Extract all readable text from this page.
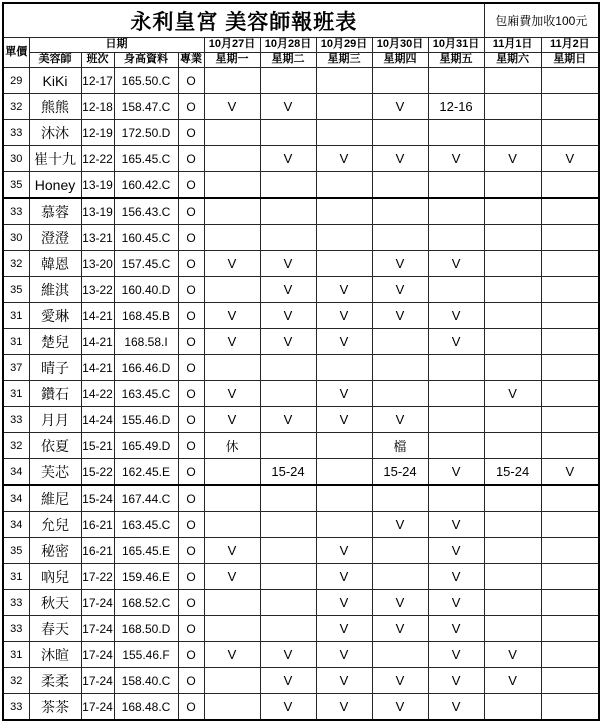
永利皇宮 美容師報班表										包廂費加收100元	
單價	日期				10月27日	10月28日	10月29日	10月30日	10月31日	11月1日	11月2日
	美容師	班次	身高資料	專業	星期一	星期二	星期三	星期四	星期五	星期六	星期日
29	KiKi	12-17	165.50.C	O							
32	熊熊	12-18	158.47.C	O	V	V		V	12-16		
33	沐沐	12-19	172.50.D	O							
30	崔十九	12-22	165.45.C	O		V	V	V	V	V	V
35	Honey	13-19	160.42.C	O							
33	慕蓉	13-19	156.43.C	O							
30	澄澄	13-21	160.45.C	O							
32	韓恩	13-20	157.45.C	O	V	V		V	V		
35	維淇	13-22	160.40.D	O		V	V	V			
31	愛琳	14-21	168.45.B	O	V	V	V	V	V		
31	楚兒	14-21	168.58.I	O	V	V	V		V		
37	晴子	14-21	166.46.D	O							
31	鑽石	14-22	163.45.C	O	V		V			V	
33	月月	14-24	155.46.D	O	V	V	V	V			
32	依夏	15-21	165.49.D	O	休			檔			
34	芙芯	15-22	162.45.E	O		15-24		15-24	V	15-24	V
34	維尼	15-24	167.44.C	O							
34	允兒	16-21	163.45.C	O				V	V		
35	秘密	16-21	165.45.E	O	V		V		V		
31	吶兒	17-22	159.46.E	O	V		V		V		
33	秋天	17-24	168.52.C	O			V	V	V		
33	春天	17-24	168.50.D	O			V	V	V		
31	沐暄	17-24	155.46.F	O	V	V	V		V	V	
32	柔柔	17-24	158.40.C	O		V	V	V	V	V	
33	茶茶	17-24	168.48.C	O		V	V	V	V		
